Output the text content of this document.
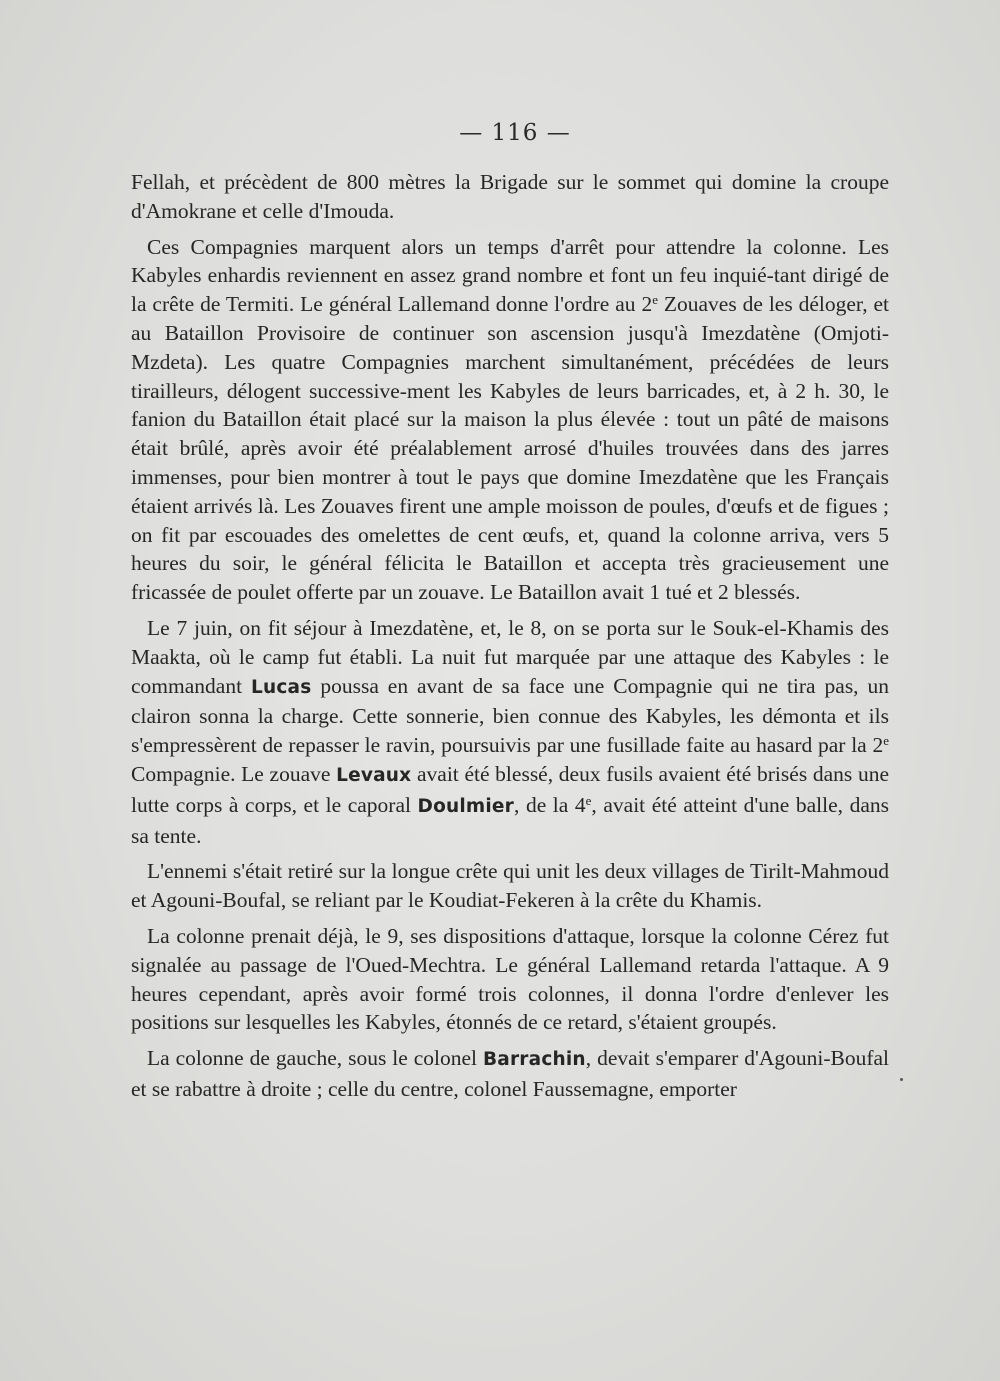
— 116 —

Fellah, et précèdent de 800 mètres la Brigade sur le sommet qui domine la croupe d'Amokrane et celle d'Imouda.

Ces Compagnies marquent alors un temps d'arrêt pour attendre la colonne. Les Kabyles enhardis reviennent en assez grand nombre et font un feu inquié-tant dirigé de la crête de Termiti. Le général Lallemand donne l'ordre au 2e Zouaves de les déloger, et au Bataillon Provisoire de continuer son ascension jusqu'à Imezdatène (Omjoti-Mzdeta). Les quatre Compagnies marchent simultanément, précédées de leurs tirailleurs, délogent successive-ment les Kabyles de leurs barricades, et, à 2 h. 30, le fanion du Bataillon était placé sur la maison la plus élevée : tout un pâté de maisons était brûlé, après avoir été préalablement arrosé d'huiles trouvées dans des jarres immenses, pour bien montrer à tout le pays que domine Imezdatène que les Français étaient arrivés là. Les Zouaves firent une ample moisson de poules, d'œufs et de figues ; on fit par escouades des omelettes de cent œufs, et, quand la colonne arriva, vers 5 heures du soir, le général félicita le Bataillon et accepta très gracieusement une fricassée de poulet offerte par un zouave. Le Bataillon avait 1 tué et 2 blessés.

Le 7 juin, on fit séjour à Imezdatène, et, le 8, on se porta sur le Souk-el-Khamis des Maakta, où le camp fut établi. La nuit fut marquée par une attaque des Kabyles : le commandant Lucas poussa en avant de sa face une Compagnie qui ne tira pas, un clairon sonna la charge. Cette sonnerie, bien connue des Kabyles, les démonta et ils s'empressèrent de repasser le ravin, poursuivis par une fusillade faite au hasard par la 2e Compagnie. Le zouave Levaux avait été blessé, deux fusils avaient été brisés dans une lutte corps à corps, et le caporal Doulmier, de la 4e, avait été atteint d'une balle, dans sa tente.

L'ennemi s'était retiré sur la longue crête qui unit les deux villages de Tirilt-Mahmoud et Agouni-Boufal, se reliant par le Koudiat-Fekeren à la crête du Khamis.

La colonne prenait déjà, le 9, ses dispositions d'attaque, lorsque la colonne Cérez fut signalée au passage de l'Oued-Mechtra. Le général Lallemand retarda l'attaque. A 9 heures cependant, après avoir formé trois colonnes, il donna l'ordre d'enlever les positions sur lesquelles les Kabyles, étonnés de ce retard, s'étaient groupés.

La colonne de gauche, sous le colonel Barrachin, devait s'emparer d'Agouni-Boufal et se rabattre à droite ; celle du centre, colonel Faussemagne, emporter
